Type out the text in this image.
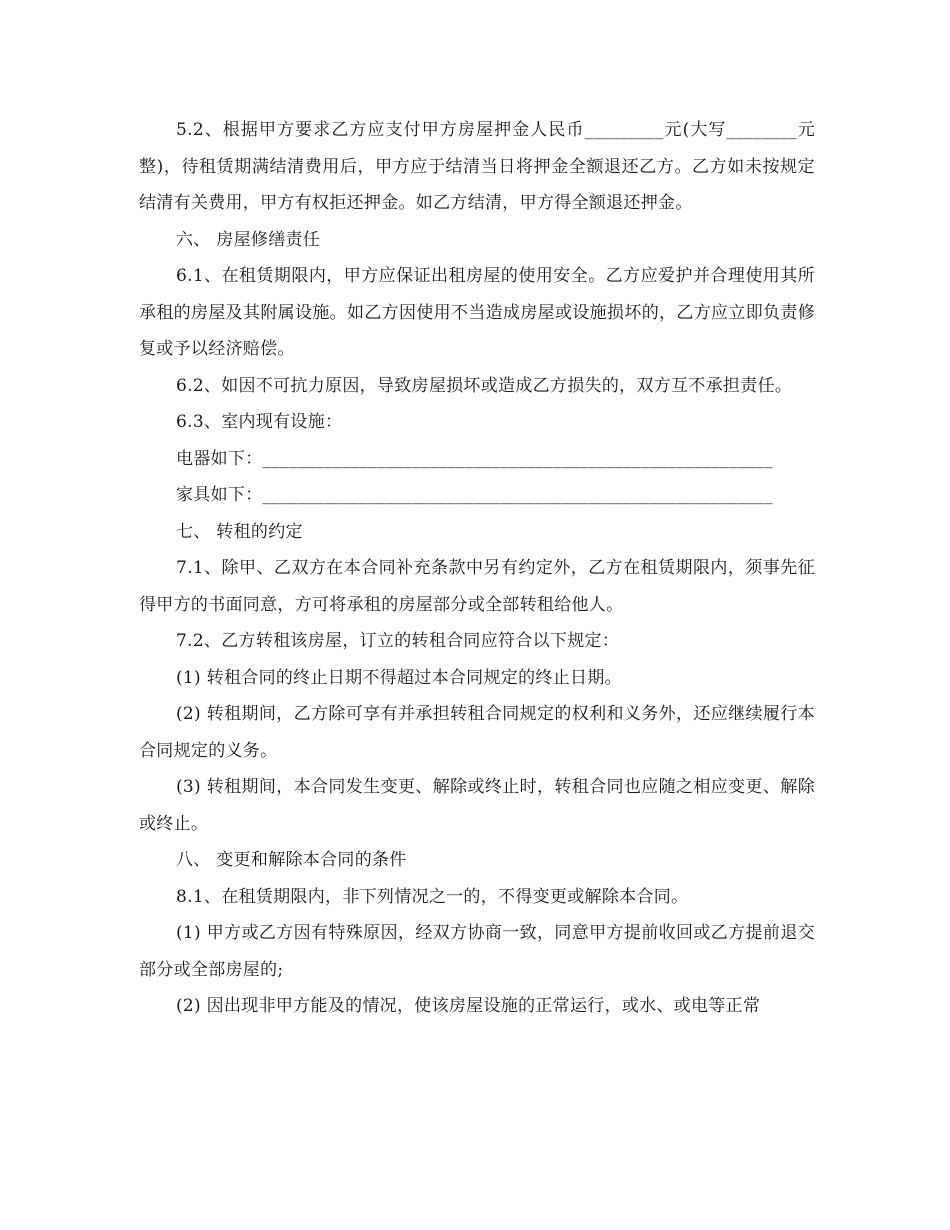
5.2、根据甲方要求乙方应支付甲方房屋押金人民币_________元(大写________元整)，待租赁期满结清费用后，甲方应于结清当日将押金全额退还乙方。乙方如未按规定结清有关费用，甲方有权拒还押金。如乙方结清，甲方得全额退还押金。

六、 房屋修缮责任

6.1、在租赁期限内，甲方应保证出租房屋的使用安全。乙方应爱护并合理使用其所承租的房屋及其附属设施。如乙方因使用不当造成房屋或设施损坏的，乙方应立即负责修复或予以经济赔偿。

6.2、如因不可抗力原因，导致房屋损坏或造成乙方损失的，双方互不承担责任。

6.3、室内现有设施：

电器如下：__________________________________________________________

家具如下：__________________________________________________________

七、 转租的约定

7.1、除甲、乙双方在本合同补充条款中另有约定外，乙方在租赁期限内，须事先征得甲方的书面同意，方可将承租的房屋部分或全部转租给他人。

7.2、乙方转租该房屋，订立的转租合同应符合以下规定：

(1) 转租合同的终止日期不得超过本合同规定的终止日期。

(2) 转租期间，乙方除可享有并承担转租合同规定的权利和义务外，还应继续履行本合同规定的义务。

(3) 转租期间，本合同发生变更、解除或终止时，转租合同也应随之相应变更、解除或终止。

八、 变更和解除本合同的条件

8.1、在租赁期限内，非下列情况之一的，不得变更或解除本合同。

(1) 甲方或乙方因有特殊原因，经双方协商一致，同意甲方提前收回或乙方提前退交部分或全部房屋的;

(2) 因出现非甲方能及的情况，使该房屋设施的正常运行，或水、或电等正常
